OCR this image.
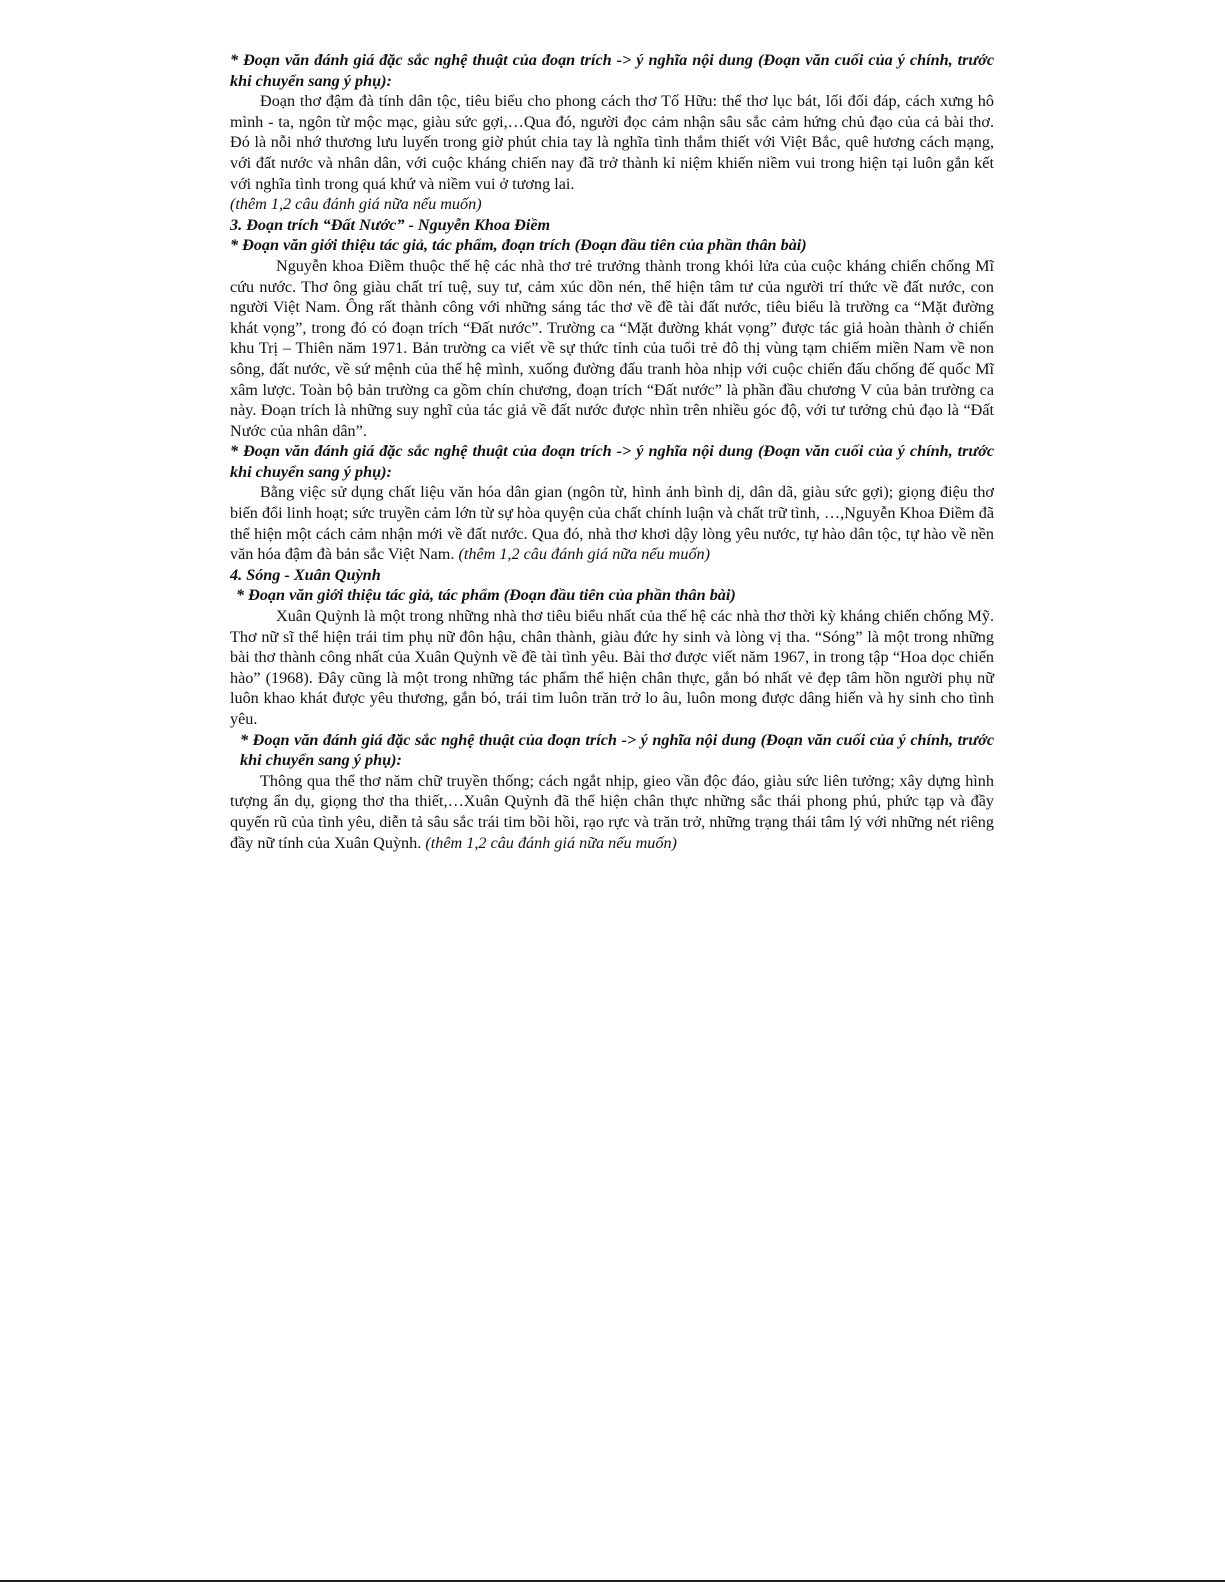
* Đoạn văn đánh giá đặc sắc nghệ thuật của đoạn trích -> ý nghĩa nội dung (Đoạn văn cuối của ý chính, trước khi chuyển sang ý phụ):

Đoạn thơ đậm đà tính dân tộc, tiêu biểu cho phong cách thơ Tố Hữu: thể thơ lục bát, lối đối đáp, cách xưng hô mình - ta, ngôn từ mộc mạc, giàu sức gợi,…Qua đó, người đọc cảm nhận sâu sắc cảm hứng chủ đạo của cả bài thơ. Đó là nỗi nhớ thương lưu luyến trong giờ phút chia tay là nghĩa tình thắm thiết với Việt Bắc, quê hương cách mạng, với đất nước và nhân dân, với cuộc kháng chiến nay đã trở thành kỉ niệm khiến niềm vui trong hiện tại luôn gắn kết với nghĩa tình trong quá khứ và niềm vui ở tương lai.
(thêm 1,2 câu đánh giá nữa nếu muốn)

3. Đoạn trích “Đất Nước” - Nguyễn Khoa Điềm

* Đoạn văn giới thiệu tác giả, tác phẩm, đoạn trích (Đoạn đầu tiên của phần thân bài)

Nguyễn khoa Điềm thuộc thế hệ các nhà thơ trẻ trưởng thành trong khói lửa của cuộc kháng chiến chống Mĩ cứu nước. Thơ ông giàu chất trí tuệ, suy tư, cảm xúc dồn nén, thể hiện tâm tư của người trí thức về đất nước, con người Việt Nam. Ông rất thành công với những sáng tác thơ về đề tài đất nước, tiêu biểu là trường ca “Mặt đường khát vọng”, trong đó có đoạn trích “Đất nước”. Trường ca “Mặt đường khát vọng” được tác giả hoàn thành ở chiến khu Trị – Thiên năm 1971. Bản trường ca viết về sự thức tỉnh của tuổi trẻ đô thị vùng tạm chiếm miền Nam về non sông, đất nước, về sứ mệnh của thế hệ mình, xuống đường đấu tranh hòa nhịp với cuộc chiến đấu chống đế quốc Mĩ xâm lược. Toàn bộ bản trường ca gồm chín chương, đoạn trích “Đất nước” là phần đầu chương V của bản trường ca này. Đoạn trích là những suy nghĩ của tác giả về đất nước được nhìn trên nhiều góc độ, với tư tưởng chủ đạo là “Đất Nước của nhân dân”.

* Đoạn văn đánh giá đặc sắc nghệ thuật của đoạn trích -> ý nghĩa nội dung (Đoạn văn cuối của ý chính, trước khi chuyển sang ý phụ):

Bằng việc sử dụng chất liệu văn hóa dân gian (ngôn từ, hình ảnh bình dị, dân dã, giàu sức gợi); giọng điệu thơ biến đổi linh hoạt; sức truyền cảm lớn từ sự hòa quyện của chất chính luận và chất trữ tình, …,Nguyễn Khoa Điềm đã thể hiện một cách cảm nhận mới về đất nước. Qua đó, nhà thơ khơi dậy lòng yêu nước, tự hào dân tộc, tự hào về nền văn hóa đậm đà bản sắc Việt Nam. (thêm 1,2 câu đánh giá nữa nếu muốn)

4. Sóng - Xuân Quỳnh

* Đoạn văn giới thiệu tác giả, tác phẩm (Đoạn đầu tiên của phần thân bài)

Xuân Quỳnh là một trong những nhà thơ tiêu biểu nhất của thế hệ các nhà thơ thời kỳ kháng chiến chống Mỹ. Thơ nữ sĩ thể hiện trái tim phụ nữ đôn hậu, chân thành, giàu đức hy sinh và lòng vị tha. “Sóng” là một trong những bài thơ thành công nhất của Xuân Quỳnh về đề tài tình yêu. Bài thơ được viết năm 1967, in trong tập “Hoa dọc chiến hào” (1968). Đây cũng là một trong những tác phẩm thể hiện chân thực, gắn bó nhất vẻ đẹp tâm hồn người phụ nữ luôn khao khát được yêu thương, gắn bó, trái tim luôn trăn trở lo âu, luôn mong được dâng hiến và hy sinh cho tình yêu.

* Đoạn văn đánh giá đặc sắc nghệ thuật của đoạn trích -> ý nghĩa nội dung (Đoạn văn cuối của ý chính, trước khi chuyển sang ý phụ):

Thông qua thể thơ năm chữ truyền thống; cách ngắt nhịp, gieo vần độc đáo, giàu sức liên tưởng; xây dựng hình tượng ẩn dụ, giọng thơ tha thiết,…Xuân Quỳnh đã thể hiện chân thực những sắc thái phong phú, phức tạp và đầy quyến rũ của tình yêu, diễn tả sâu sắc trái tim bồi hồi, rạo rực và trăn trở, những trạng thái tâm lý với những nét riêng đầy nữ tính của Xuân Quỳnh. (thêm 1,2 câu đánh giá nữa nếu muốn)
